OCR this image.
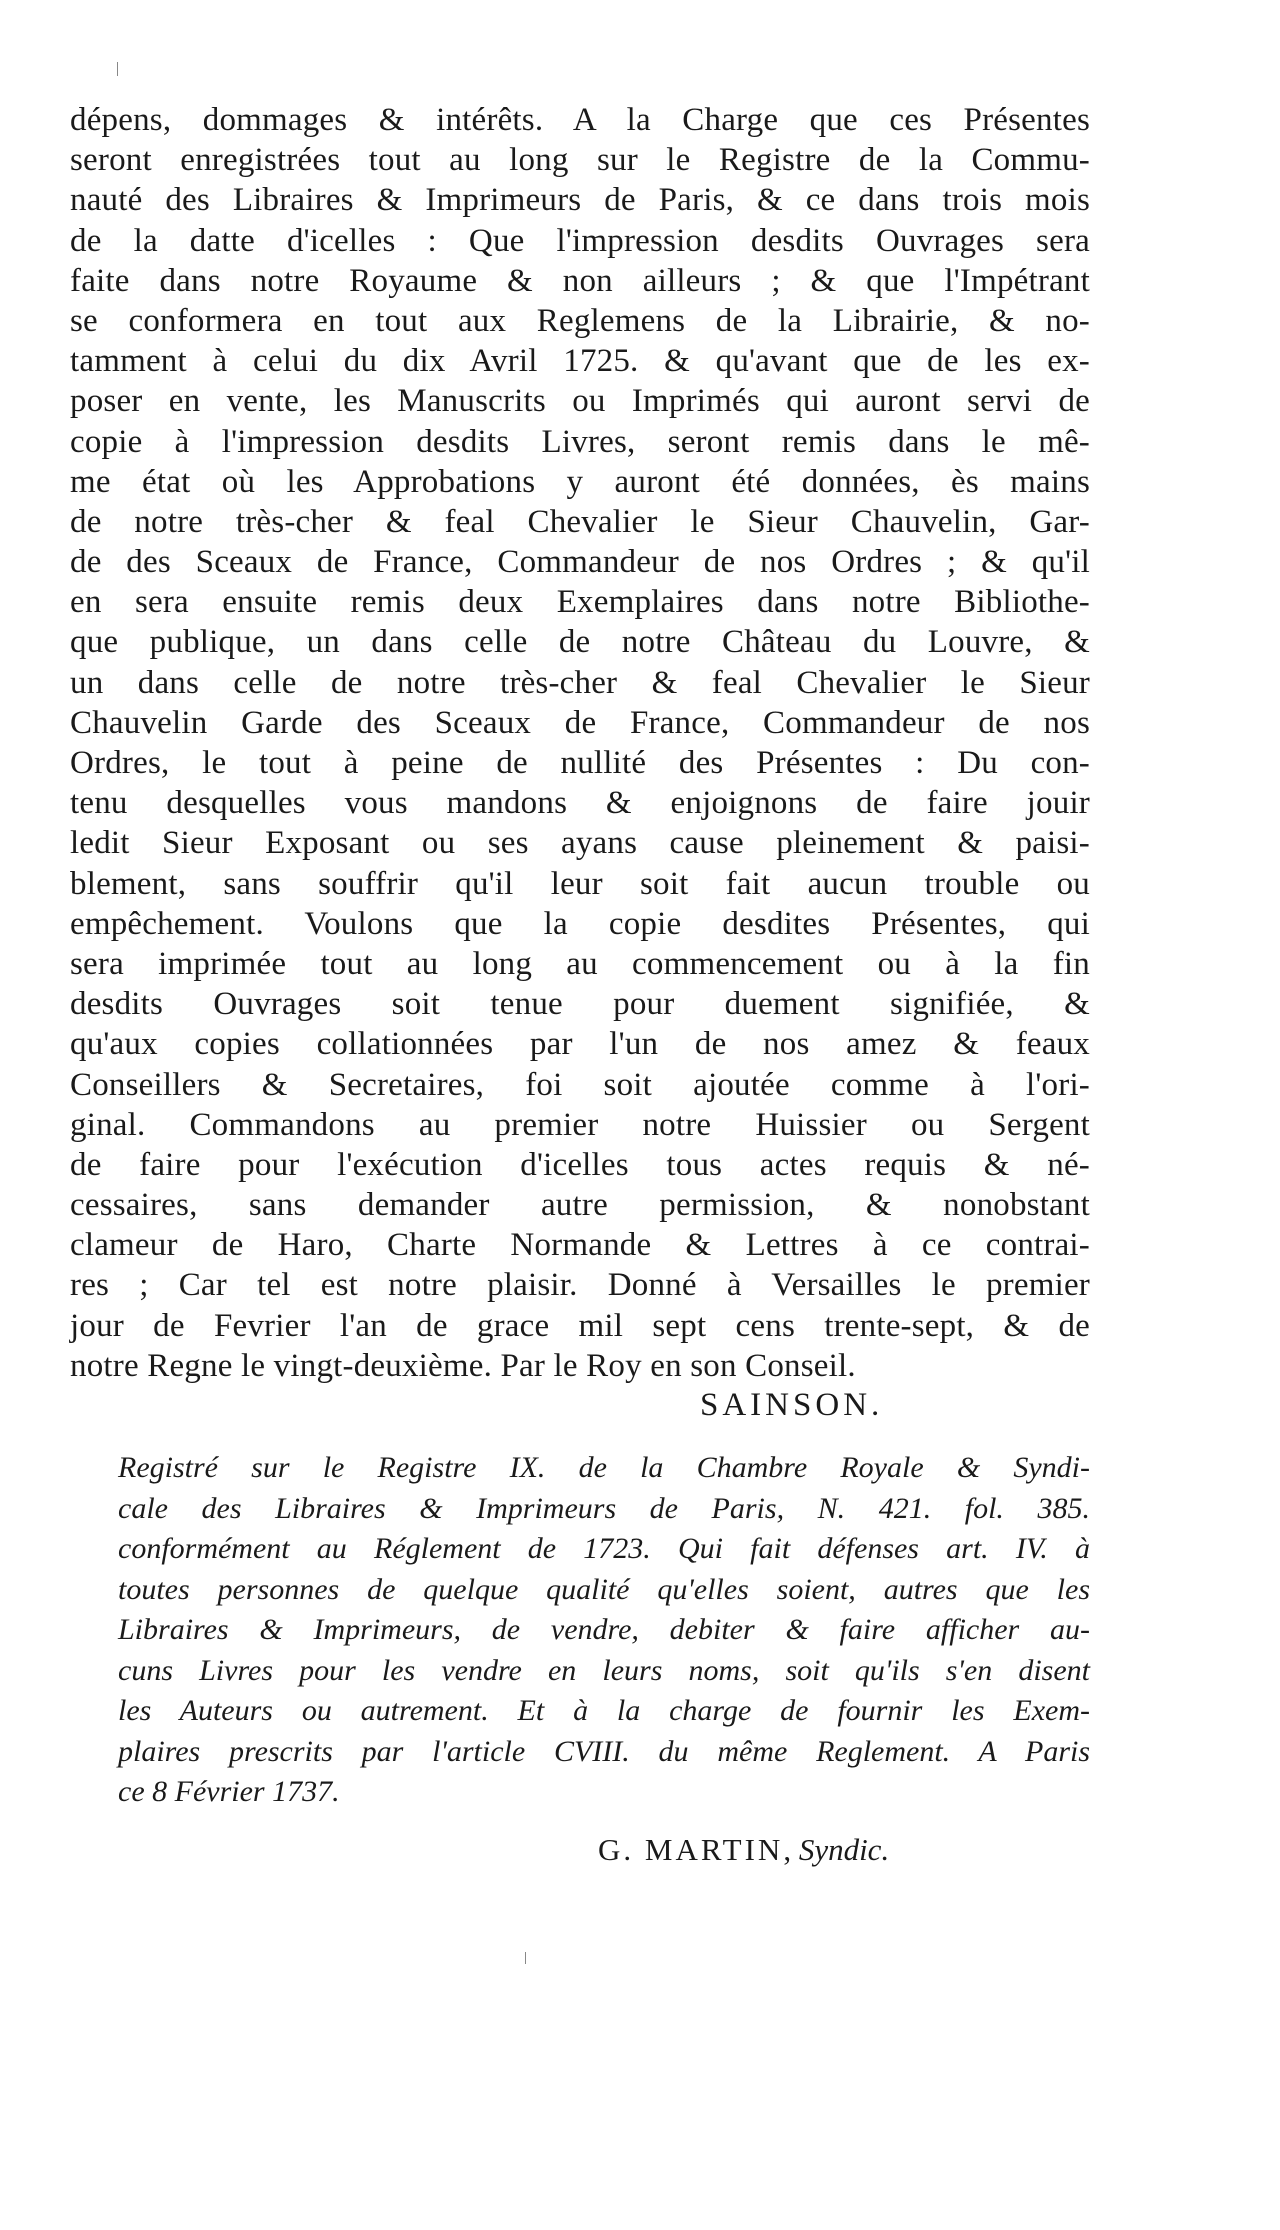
dépens, dommages & intérêts. A la Charge que ces Présentes
seront enregistrées tout au long sur le Registre de la Commu-
nauté des Libraires & Imprimeurs de Paris, & ce dans trois mois
de la datte d'icelles : Que l'impression desdits Ouvrages sera
faite dans notre Royaume & non ailleurs ; & que l'Impétrant
se conformera en tout aux Reglemens de la Librairie, & no-
tamment à celui du dix Avril 1725. & qu'avant que de les ex-
poser en vente, les Manuscrits ou Imprimés qui auront servi de
copie à l'impression desdits Livres, seront remis dans le mê-
me état où les Approbations y auront été données, ès mains
de notre très-cher & feal Chevalier le Sieur Chauvelin, Gar-
de des Sceaux de France, Commandeur de nos Ordres ; & qu'il
en sera ensuite remis deux Exemplaires dans notre Bibliothe-
que publique, un dans celle de notre Château du Louvre, &
un dans celle de notre très-cher & feal Chevalier le Sieur
Chauvelin Garde des Sceaux de France, Commandeur de nos
Ordres, le tout à peine de nullité des Présentes : Du con-
tenu desquelles vous mandons & enjoignons de faire jouir
ledit Sieur Exposant ou ses ayans cause pleinement & paisi-
blement, sans souffrir qu'il leur soit fait aucun trouble ou
empêchement. Voulons que la copie desdites Présentes, qui
sera imprimée tout au long au commencement ou à la fin
desdits Ouvrages soit tenue pour duement signifiée, &
qu'aux copies collationnées par l'un de nos amez & feaux
Conseillers & Secretaires, foi soit ajoutée comme à l'ori-
ginal. Commandons au premier notre Huissier ou Sergent
de faire pour l'exécution d'icelles tous actes requis & né-
cessaires, sans demander autre permission, & nonobstant
clameur de Haro, Charte Normande & Lettres à ce contrai-
res ; Car tel est notre plaisir. Donné à Versailles le premier
jour de Fevrier l'an de grace mil sept cens trente-sept, & de
notre Regne le vingt-deuxième. Par le Roy en son Conseil.
SAINSON.
Registré sur le Registre IX. de la Chambre Royale & Syndi-
cale des Libraires & Imprimeurs de Paris, N. 421. fol. 385.
conformément au Réglement de 1723. Qui fait défenses art. IV. à
toutes personnes de quelque qualité qu'elles soient, autres que les
Libraires & Imprimeurs, de vendre, debiter & faire afficher au-
cuns Livres pour les vendre en leurs noms, soit qu'ils s'en disent
les Auteurs ou autrement. Et à la charge de fournir les Exem-
plaires prescrits par l'article CVIII. du même Reglement. A Paris
ce 8 Février 1737.
G. MARTIN, Syndic.
